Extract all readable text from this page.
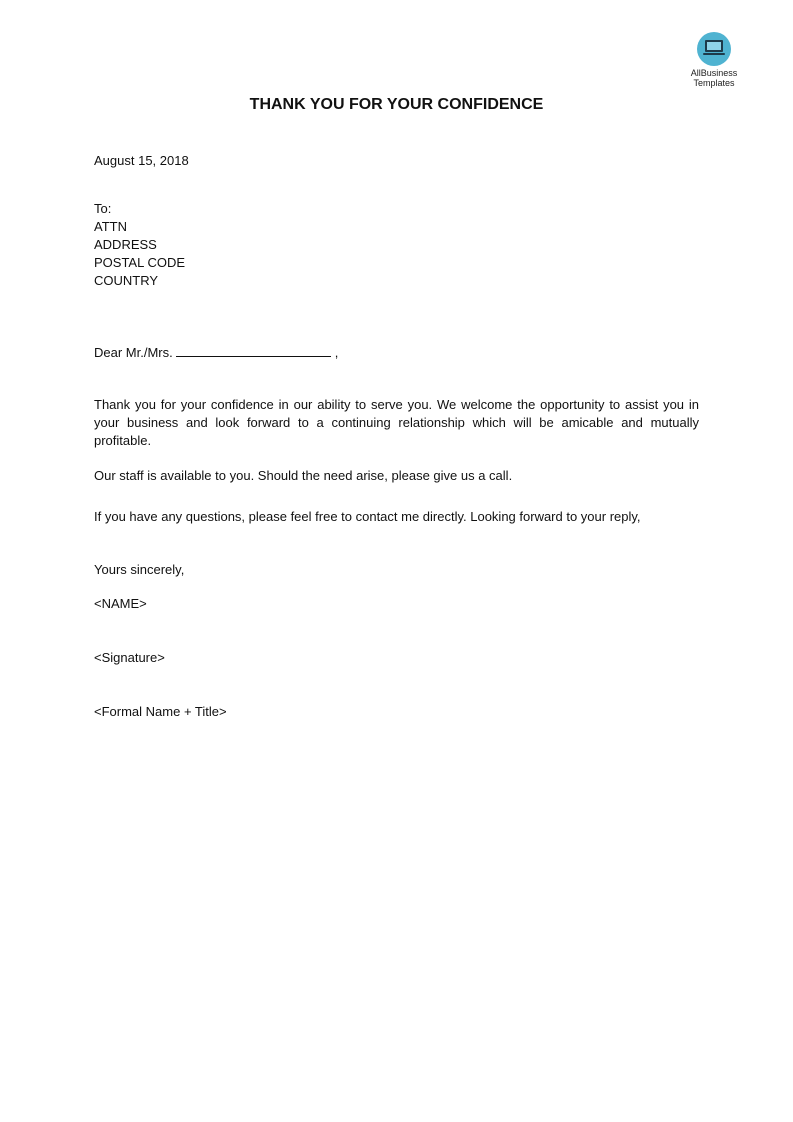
AllBusiness
Templates
THANK YOU FOR YOUR CONFIDENCE
August 15, 2018
To:
ATTN
ADDRESS
POSTAL CODE
COUNTRY
Dear Mr./Mrs.	,
Thank you for your confidence in our ability to serve you. We welcome the opportunity to assist you in your business and look forward to a continuing relationship which will be amicable and mutually profitable.
Our staff is available to you. Should the need arise, please give us a call.
If you have any questions, please feel free to contact me directly. Looking forward to your reply,
Yours sincerely,
<NAME>
<Signature>
<Formal Name + Title>
